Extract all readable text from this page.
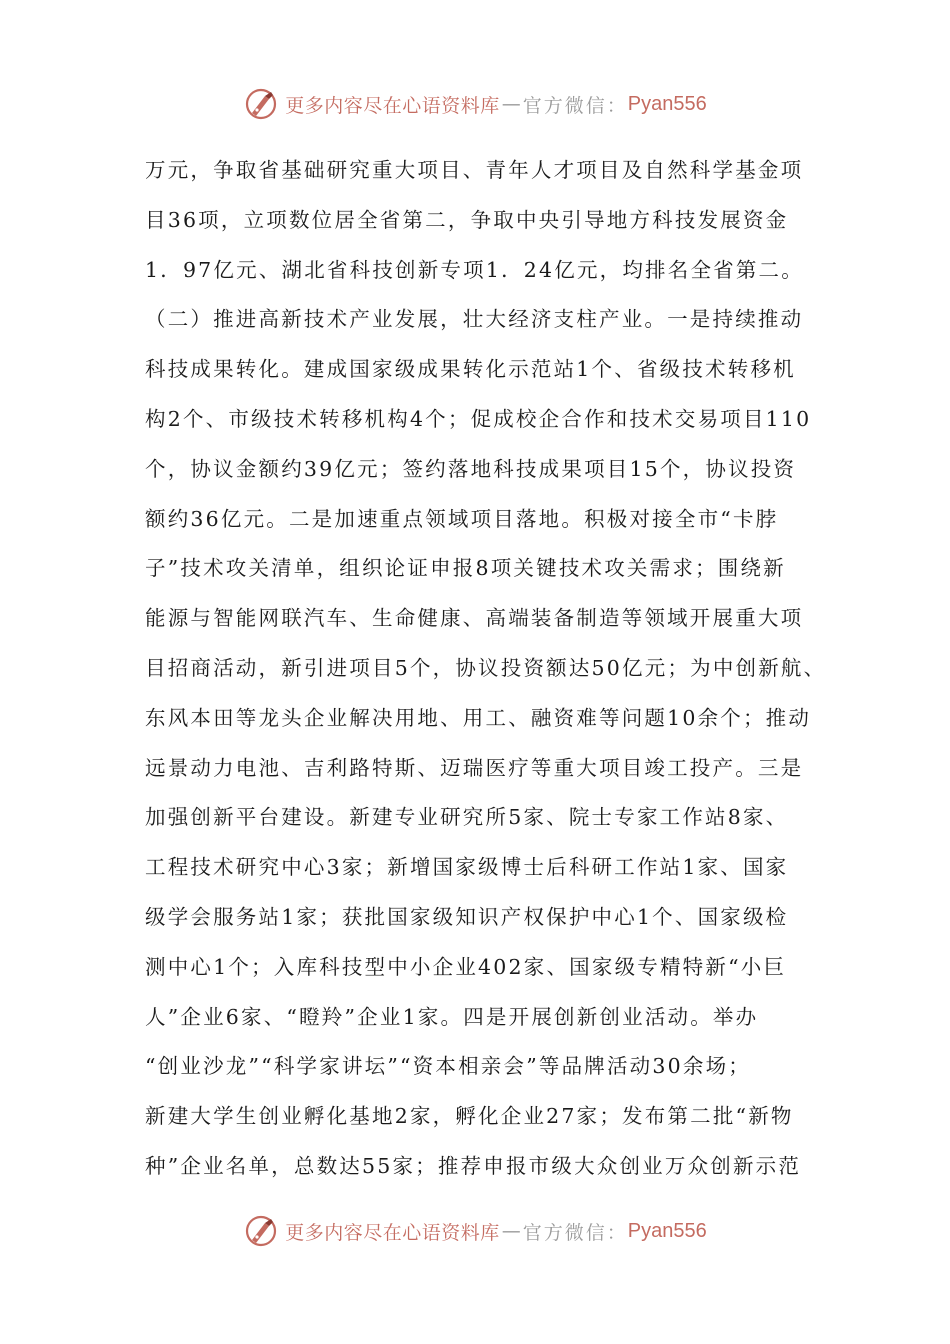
更多内容尽在心语资料库 — 官方微信： Pyan556
万元，争取省基础研究重大项目、青年人才项目及自然科学基金项
目36项，立项数位居全省第二，争取中央引导地方科技发展资金
1．97亿元、湖北省科技创新专项1．24亿元，均排名全省第二。
（二）推进高新技术产业发展，壮大经济支柱产业。一是持续推动
科技成果转化。建成国家级成果转化示范站1个、省级技术转移机
构2个、市级技术转移机构4个；促成校企合作和技术交易项目110
个，协议金额约39亿元；签约落地科技成果项目15个，协议投资
额约36亿元。二是加速重点领域项目落地。积极对接全市“卡脖
子”技术攻关清单，组织论证申报8项关键技术攻关需求；围绕新
能源与智能网联汽车、生命健康、高端装备制造等领域开展重大项
目招商活动，新引进项目5个，协议投资额达50亿元；为中创新航、
东风本田等龙头企业解决用地、用工、融资难等问题10余个；推动
远景动力电池、吉利路特斯、迈瑞医疗等重大项目竣工投产。三是
加强创新平台建设。新建专业研究所5家、院士专家工作站8家、
工程技术研究中心3家；新增国家级博士后科研工作站1家、国家
级学会服务站1家；获批国家级知识产权保护中心1个、国家级检
测中心1个；入库科技型中小企业402家、国家级专精特新“小巨
人”企业6家、“瞪羚”企业1家。四是开展创新创业活动。举办
“创业沙龙”“科学家讲坛”“资本相亲会”等品牌活动30余场；
新建大学生创业孵化基地2家，孵化企业27家；发布第二批“新物
种”企业名单，总数达55家；推荐申报市级大众创业万众创新示范
更多内容尽在心语资料库 — 官方微信： Pyan556
